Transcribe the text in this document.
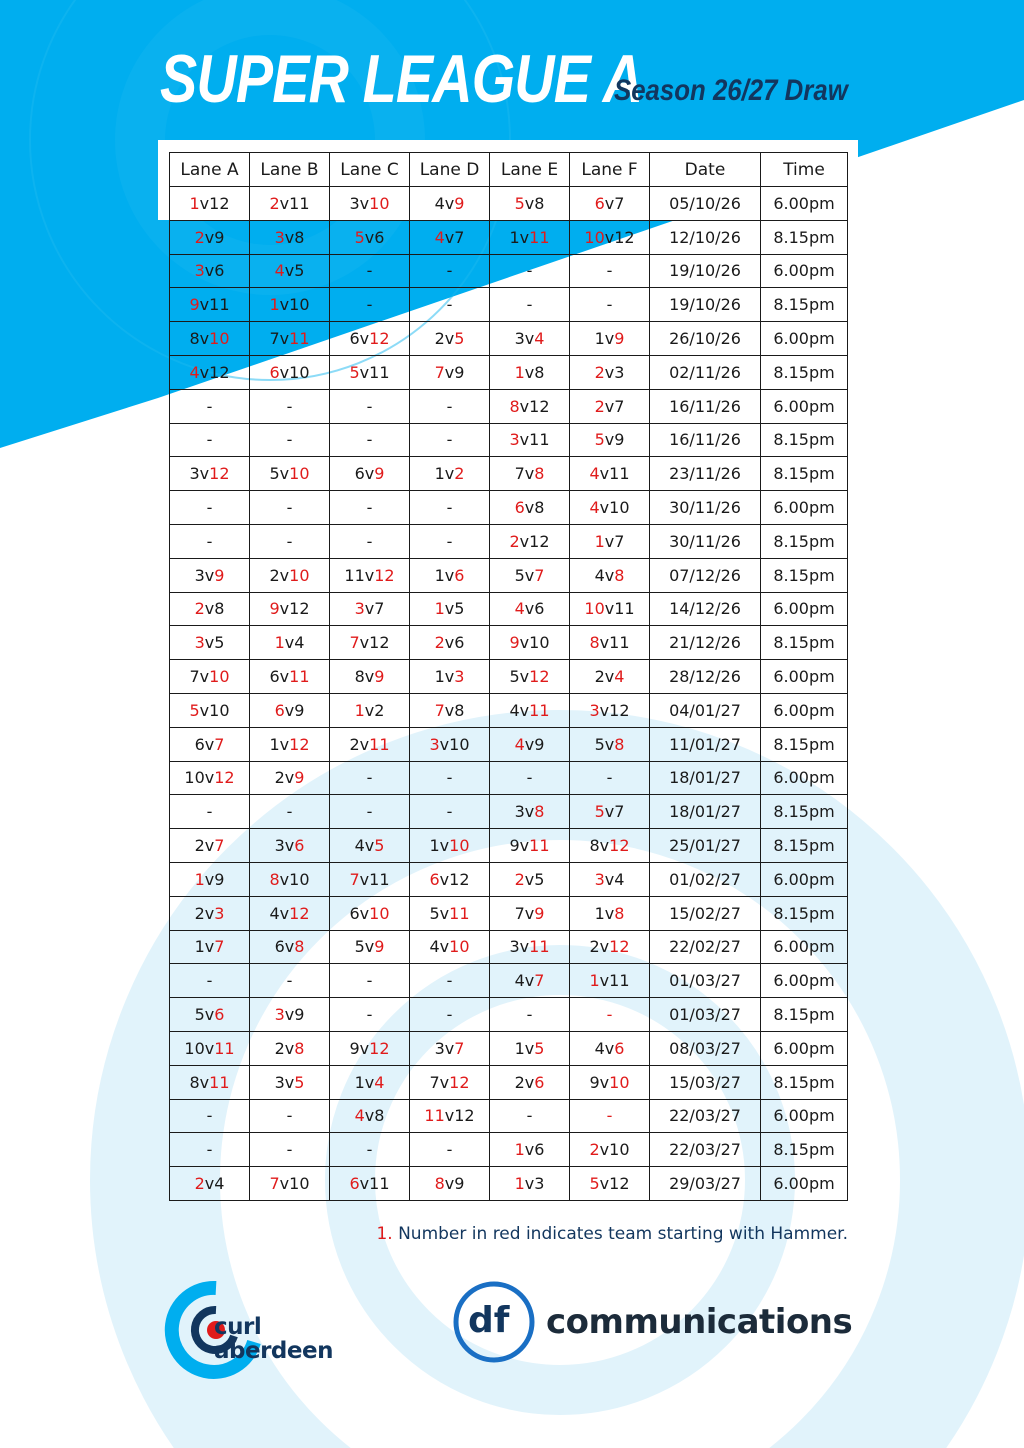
SUPER LEAGUE A
Season 26/27 Draw
Lane A	Lane B	Lane C	Lane D	Lane E	Lane F	Date	Time
1v12	2v11	3v10	4v9	5v8	6v7	05/10/26	6.00pm
2v9	3v8	5v6	4v7	1v11	10v12	12/10/26	8.15pm
3v6	4v5	-	-	-	-	19/10/26	6.00pm
9v11	1v10	-	-	-	-	19/10/26	8.15pm
8v10	7v11	6v12	2v5	3v4	1v9	26/10/26	6.00pm
4v12	6v10	5v11	7v9	1v8	2v3	02/11/26	8.15pm
-	-	-	-	8v12	2v7	16/11/26	6.00pm
-	-	-	-	3v11	5v9	16/11/26	8.15pm
3v12	5v10	6v9	1v2	7v8	4v11	23/11/26	8.15pm
-	-	-	-	6v8	4v10	30/11/26	6.00pm
-	-	-	-	2v12	1v7	30/11/26	8.15pm
3v9	2v10	11v12	1v6	5v7	4v8	07/12/26	8.15pm
2v8	9v12	3v7	1v5	4v6	10v11	14/12/26	6.00pm
3v5	1v4	7v12	2v6	9v10	8v11	21/12/26	8.15pm
7v10	6v11	8v9	1v3	5v12	2v4	28/12/26	6.00pm
5v10	6v9	1v2	7v8	4v11	3v12	04/01/27	6.00pm
6v7	1v12	2v11	3v10	4v9	5v8	11/01/27	8.15pm
10v12	2v9	-	-	-	-	18/01/27	6.00pm
-	-	-	-	3v8	5v7	18/01/27	8.15pm
2v7	3v6	4v5	1v10	9v11	8v12	25/01/27	8.15pm
1v9	8v10	7v11	6v12	2v5	3v4	01/02/27	6.00pm
2v3	4v12	6v10	5v11	7v9	1v8	15/02/27	8.15pm
1v7	6v8	5v9	4v10	3v11	2v12	22/02/27	6.00pm
-	-	-	-	4v7	1v11	01/03/27	6.00pm
5v6	3v9	-	-	-	-	01/03/27	8.15pm
10v11	2v8	9v12	3v7	1v5	4v6	08/03/27	6.00pm
8v11	3v5	1v4	7v12	2v6	9v10	15/03/27	8.15pm
-	-	4v8	11v12	-	-	22/03/27	6.00pm
-	-	-	-	1v6	2v10	22/03/27	8.15pm
2v4	7v10	6v11	8v9	1v3	5v12	29/03/27	6.00pm
1. Number in red indicates team starting with Hammer.
curl
aberdeen
df communications
